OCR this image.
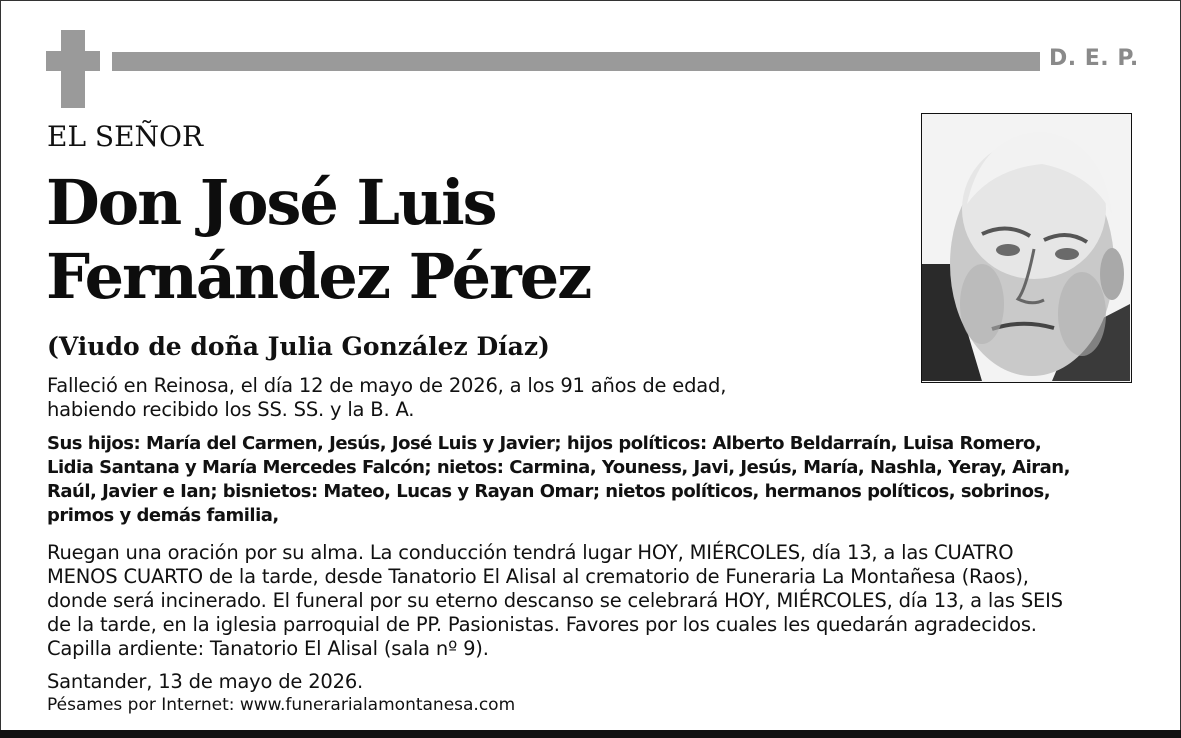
D. E. P.
EL SEÑOR
Don José Luis
Fernández Pérez
(Viudo de doña Julia González Díaz)
Falleció en Reinosa, el día 12 de mayo de 2026, a los 91 años de edad,
habiendo recibido los SS. SS. y la B. A.
Sus hijos: María del Carmen, Jesús, José Luis y Javier; hijos políticos: Alberto Beldarraín, Luisa Romero,
Lidia Santana y María Mercedes Falcón; nietos: Carmina, Youness, Javi, Jesús, María, Nashla, Yeray, Airan,
Raúl, Javier e Ian; bisnietos: Mateo, Lucas y Rayan Omar; nietos políticos, hermanos políticos, sobrinos,
primos y demás familia,
Ruegan una oración por su alma. La conducción tendrá lugar HOY, MIÉRCOLES, día 13, a las CUATRO
MENOS CUARTO de la tarde, desde Tanatorio El Alisal al crematorio de Funeraria La Montañesa (Raos),
donde será incinerado. El funeral por su eterno descanso se celebrará HOY, MIÉRCOLES, día 13, a las SEIS
de la tarde, en la iglesia parroquial de PP. Pasionistas. Favores por los cuales les quedarán agradecidos.
Capilla ardiente: Tanatorio El Alisal (sala nº 9).
Santander, 13 de mayo de 2026.
Pésames por Internet: www.funerarialamontanesa.com
